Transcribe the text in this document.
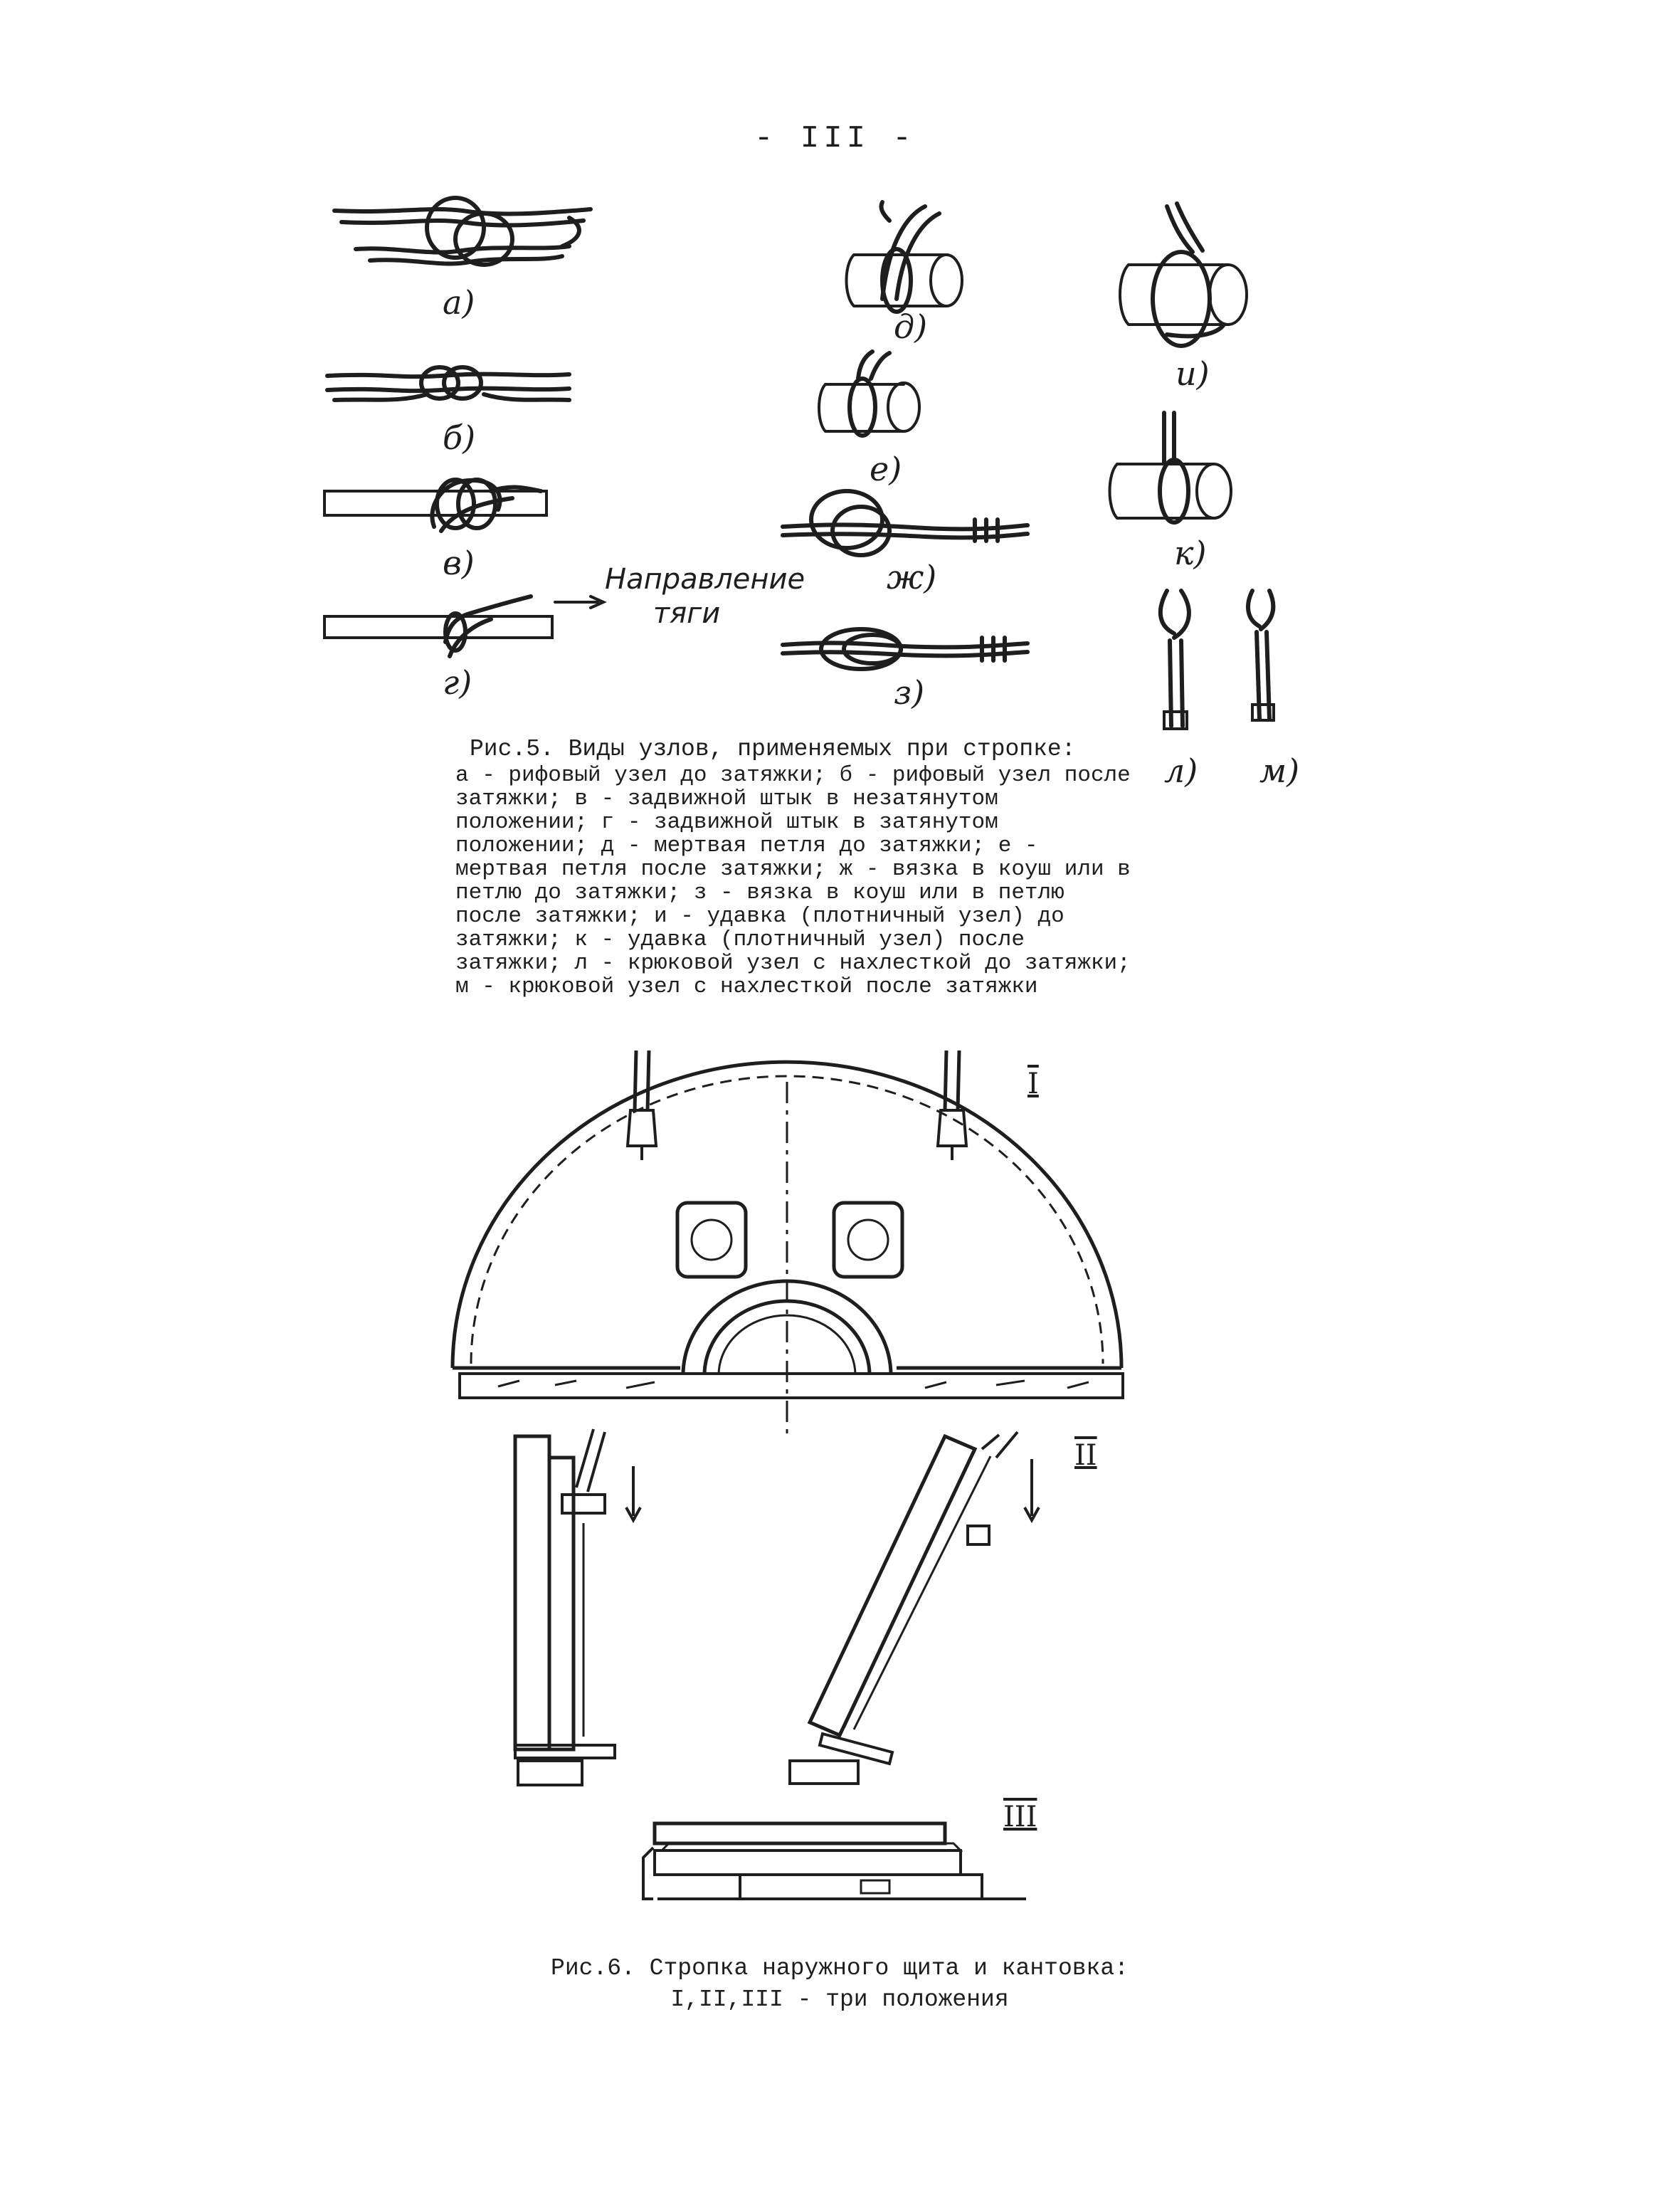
- III -
а)
б)
в)
г)
д)
е)
ж)
з)
и)
к)
л) м)
Направление
тяги
Рис.5. Виды узлов, применяемых при стропке:
а - рифовый узел до затяжки; б - рифовый узел после затяжки; в - задвижной штык в незатянутом положении; г - задвижной штык в затянутом положении; д - мертвая петля до затяжки; е - мертвая петля после затяжки; ж - вязка в коуш или в петлю до затяжки; з - вязка в коуш или в петлю после затяжки; и - удавка (плотничный узел) до затяжки; к - удавка (плотничный узел) после затяжки; л - крюковой узел с нахлесткой до затяжки; м - крюковой узел с нахлесткой после затяжки
I
II
III
Рис.6. Стропка наружного щита и кантовка:
I,II,III - три положения
